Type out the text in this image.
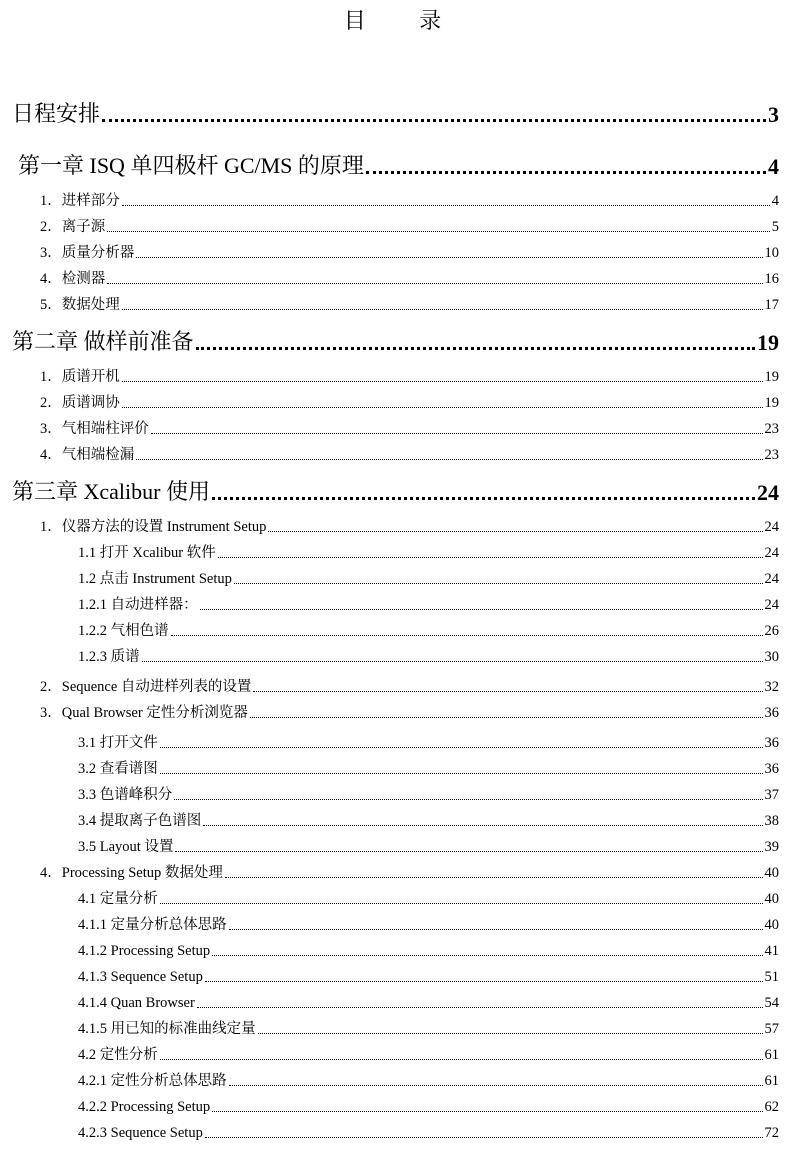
目 录
日程安排	3
第一章 ISQ 单四极杆 GC/MS 的原理	4
1．进样部分	4
2．离子源	5
3．质量分析器	10
4．检测器	16
5．数据处理	17
第二章 做样前准备	19
1．质谱开机	19
2．质谱调协	19
3．气相端柱评价	23
4．气相端检漏	23
第三章 Xcalibur 使用	24
1．仪器方法的设置 Instrument Setup	24
1.1 打开 Xcalibur 软件	24
1.2 点击 Instrument Setup	24
1.2.1 自动进样器：	24
1.2.2 气相色谱	26
1.2.3 质谱	30
2．Sequence 自动进样列表的设置	32
3．Qual Browser 定性分析浏览器	36
3.1 打开文件	36
3.2 查看谱图	36
3.3 色谱峰积分	37
3.4 提取离子色谱图	38
3.5 Layout 设置	39
4．Processing Setup 数据处理	40
4.1 定量分析	40
4.1.1 定量分析总体思路	40
4.1.2 Processing Setup	41
4.1.3 Sequence Setup	51
4.1.4 Quan Browser	54
4.1.5 用已知的标准曲线定量	57
4.2 定性分析	61
4.2.1 定性分析总体思路	61
4.2.2 Processing Setup	62
4.2.3 Sequence Setup	72
